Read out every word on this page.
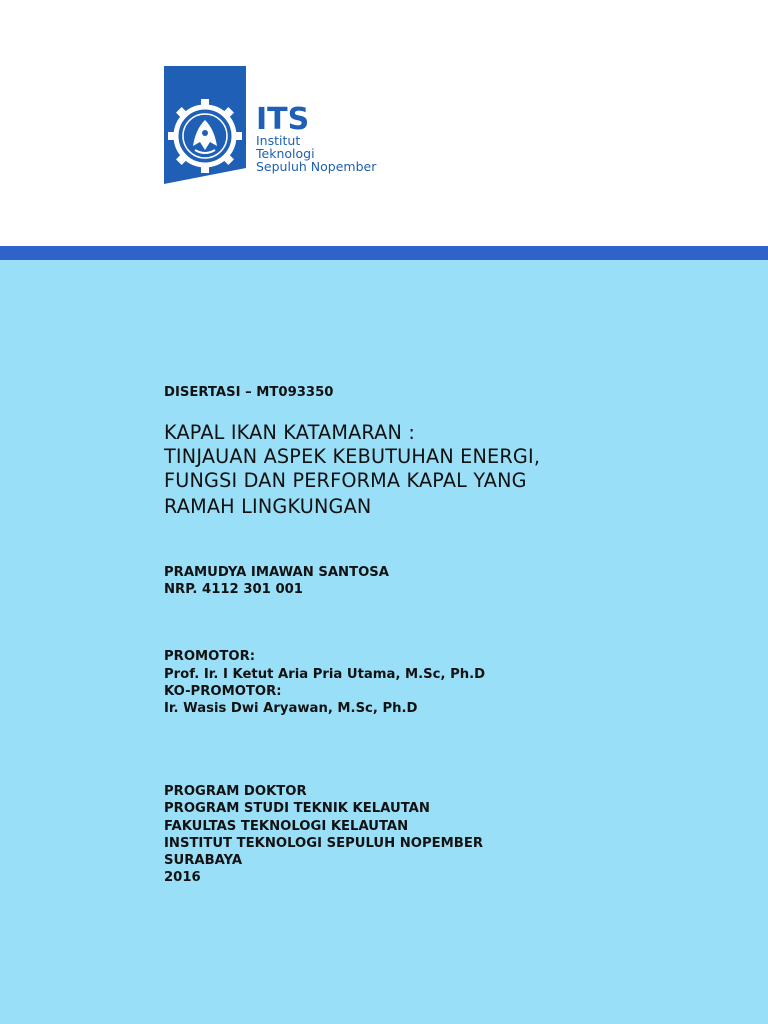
ITS
Institut
Teknologi
Sepuluh Nopember
DISERTASI – MT093350
KAPAL IKAN KATAMARAN :
TINJAUAN ASPEK KEBUTUHAN ENERGI,
FUNGSI DAN PERFORMA KAPAL YANG
RAMAH LINGKUNGAN
PRAMUDYA IMAWAN SANTOSA
NRP. 4112 301 001
PROMOTOR:
Prof. Ir. I Ketut Aria Pria Utama, M.Sc, Ph.D
KO-PROMOTOR:
Ir. Wasis Dwi Aryawan, M.Sc, Ph.D
PROGRAM DOKTOR
PROGRAM STUDI TEKNIK KELAUTAN
FAKULTAS TEKNOLOGI KELAUTAN
INSTITUT TEKNOLOGI SEPULUH NOPEMBER
SURABAYA
2016
